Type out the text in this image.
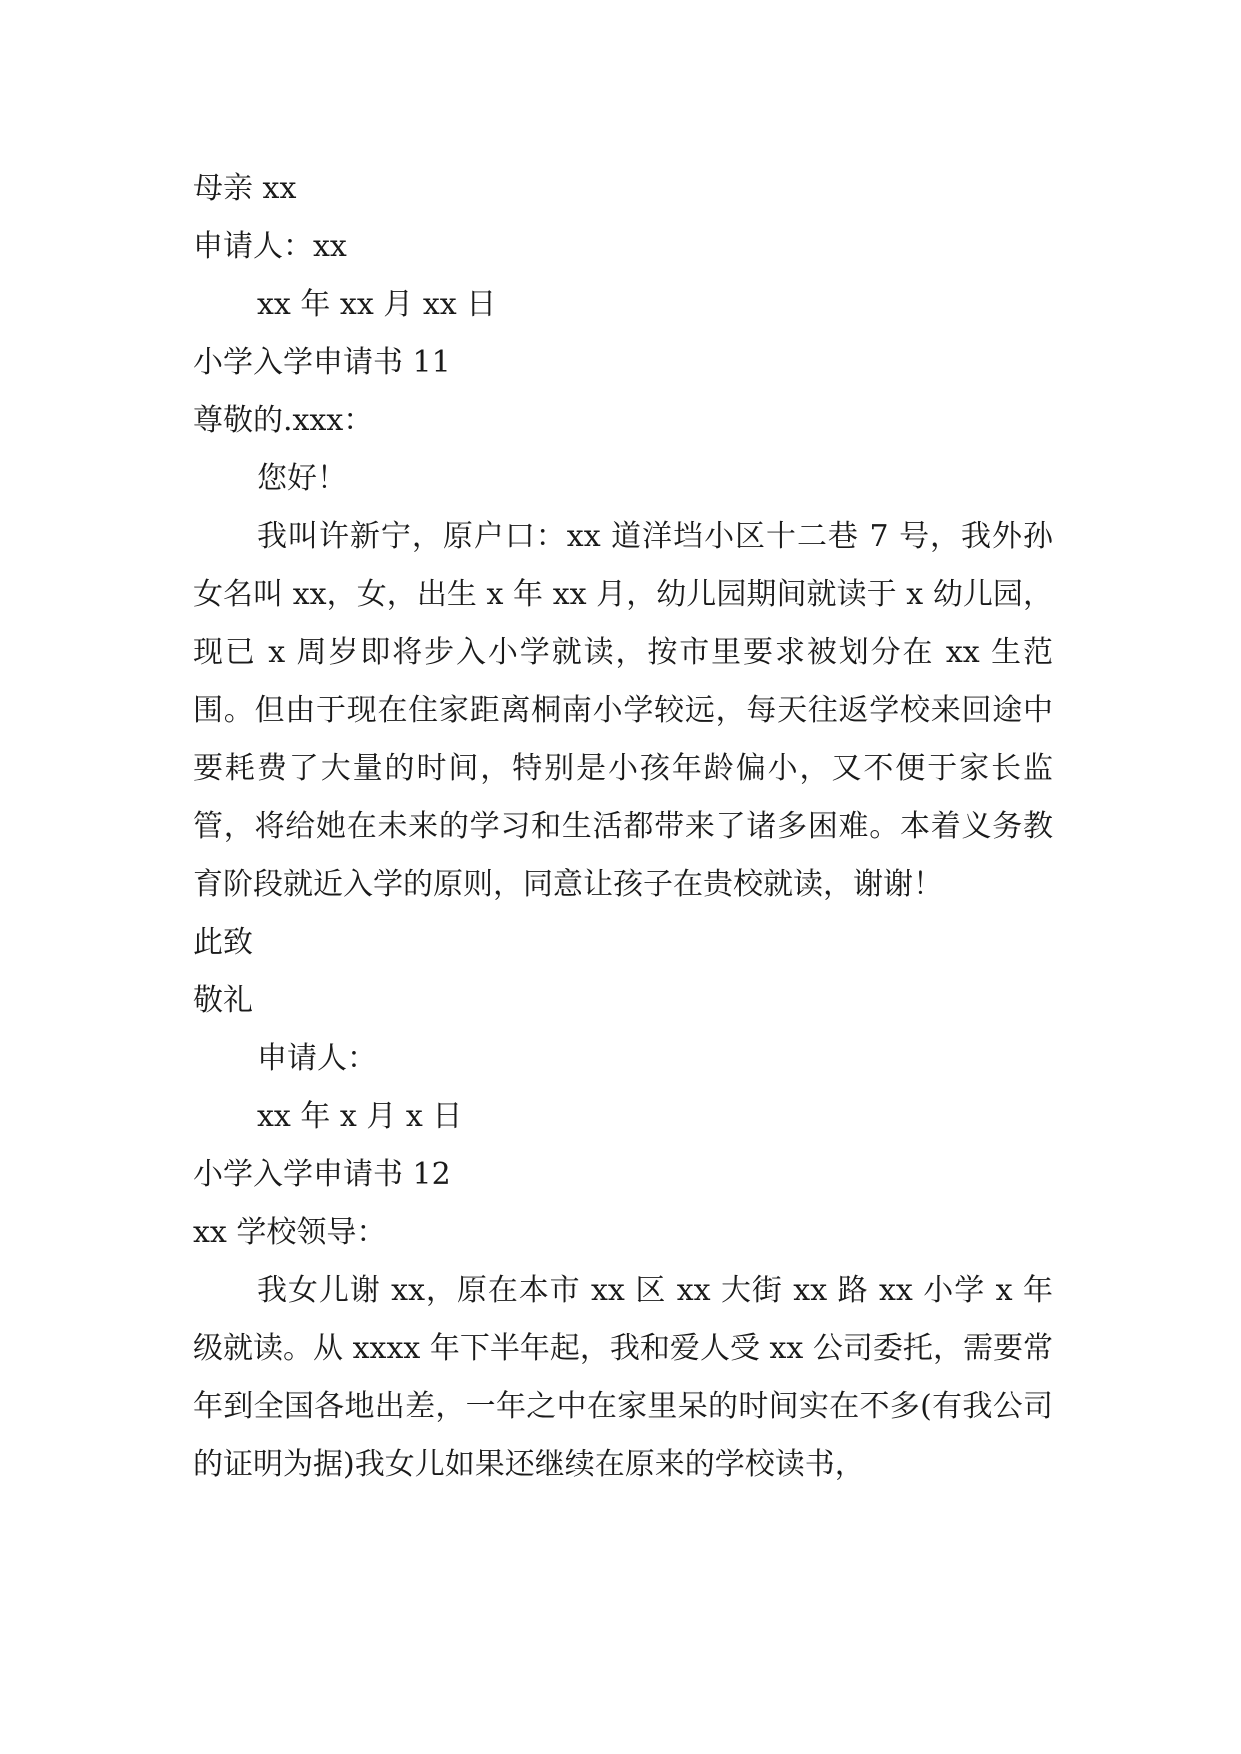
母亲 xx
申请人：xx
xx 年 xx 月 xx 日
小学入学申请书 11
尊敬的.xxx：
您好！

我叫许新宁，原户口：xx 道洋垱小区十二巷 7 号，我外孙女名叫 xx，女，出生 x 年 xx 月，幼儿园期间就读于 x 幼儿园，现已 x 周岁即将步入小学就读，按市里要求被划分在 xx 生范围。但由于现在住家距离桐南小学较远，每天往返学校来回途中要耗费了大量的时间，特别是小孩年龄偏小，又不便于家长监管，将给她在未来的学习和生活都带来了诸多困难。本着义务教育阶段就近入学的原则，同意让孩子在贵校就读，谢谢！

此致
敬礼
申请人：
xx 年 x 月 x 日
小学入学申请书 12
xx 学校领导：

我女儿谢 xx，原在本市 xx 区 xx 大街 xx 路 xx 小学 x 年级就读。从 xxxx 年下半年起，我和爱人受 xx 公司委托，需要常年到全国各地出差，一年之中在家里呆的时间实在不多(有我公司的证明为据)我女儿如果还继续在原来的学校读书，
